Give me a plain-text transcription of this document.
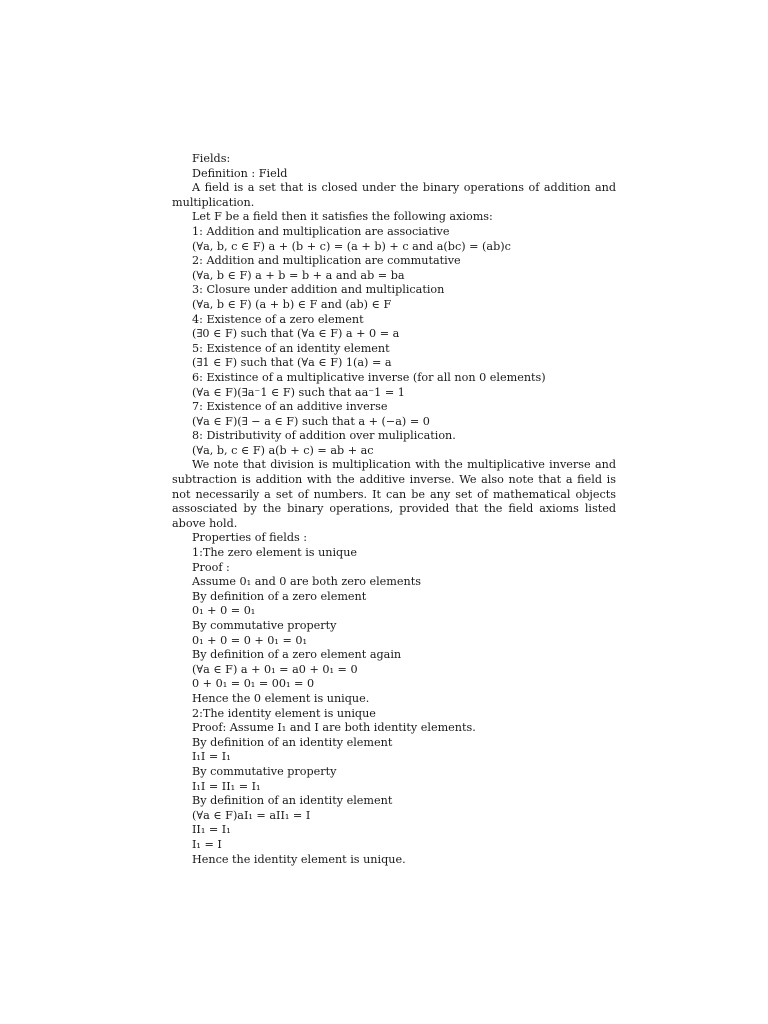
Fields:
Definition : Field

A field is a set that is closed under the binary operations of addition and multiplication.

Let F be a field then it satisfies the following axioms:
1: Addition and multiplication are associative
(∀a, b, c ∈ F) a + (b + c) = (a + b) + c and a(bc) = (ab)c
2: Addition and multiplication are commutative
(∀a, b ∈ F) a + b = b + a and ab = ba
3: Closure under addition and multiplication
(∀a, b ∈ F) (a + b) ∈ F and (ab) ∈ F
4: Existence of a zero element
(∃0 ∈ F) such that (∀a ∈ F) a + 0 = a
5: Existence of an identity element
(∃1 ∈ F) such that (∀a ∈ F) 1(a) = a
6: Existince of a multiplicative inverse (for all non 0 elements)
(∀a ∈ F)(∃a⁻1 ∈ F) such that aa⁻1 = 1
7: Existence of an additive inverse
(∀a ∈ F)(∃ − a ∈ F) such that a + (−a) = 0
8: Distributivity of addition over muliplication.
(∀a, b, c ∈ F) a(b + c) = ab + ac

We note that division is multiplication with the multiplicative inverse and subtraction is addition with the additive inverse. We also note that a field is not necessarily a set of numbers. It can be any set of mathematical objects assosciated by the binary operations, provided that the field axioms listed above hold.

Properties of fields :
1:The zero element is unique
Proof :
Assume 0₁ and 0 are both zero elements
By definition of a zero element
0₁ + 0 = 0₁
By commutative property
0₁ + 0 = 0 + 0₁ = 0₁
By definition of a zero element again
(∀a ∈ F) a + 0₁ = a0 + 0₁ = 0
0 + 0₁ = 0₁ = 00₁ = 0
Hence the 0 element is unique.
2:The identity element is unique
Proof: Assume I₁ and I are both identity elements.
By definition of an identity element
I₁I = I₁
By commutative property
I₁I = II₁ = I₁
By definition of an identity element
(∀a ∈ F)aI₁ = aII₁ = I
II₁ = I₁
I₁ = I
Hence the identity element is unique.
